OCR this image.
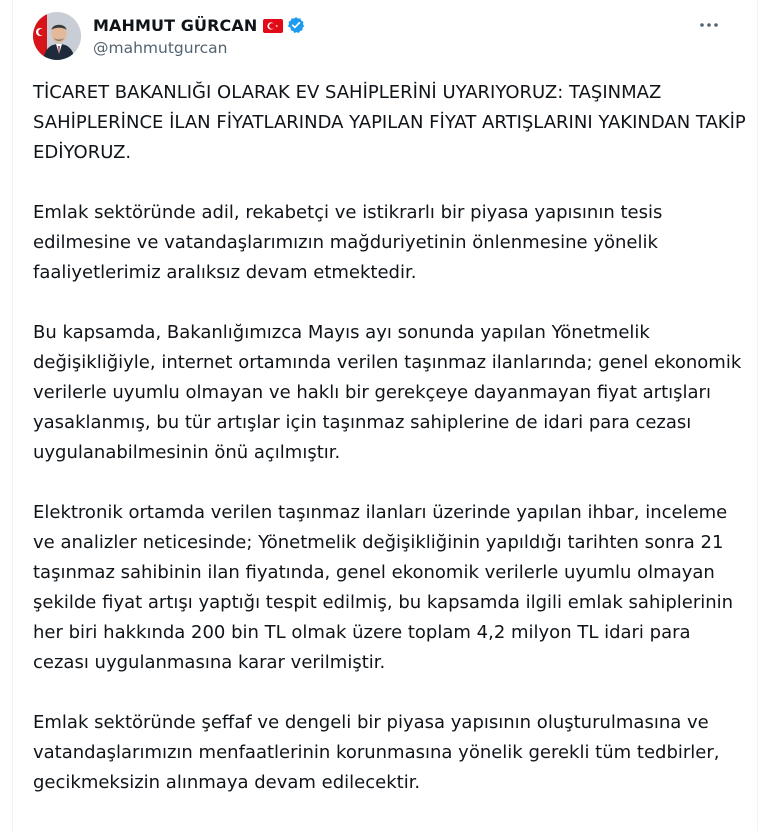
MAHMUT GÜRCAN
@mahmutgurcan

TİCARET BAKANLIĞI OLARAK EV SAHİPLERİNİ UYARIYORUZ: TAŞINMAZ SAHİPLERİNCE İLAN FİYATLARINDA YAPILAN FİYAT ARTIŞLARINI YAKINDAN TAKİP EDİYORUZ.

Emlak sektöründe adil, rekabetçi ve istikrarlı bir piyasa yapısının tesis edilmesine ve vatandaşlarımızın mağduriyetinin önlenmesine yönelik faaliyetlerimiz aralıksız devam etmektedir.

Bu kapsamda, Bakanlığımızca Mayıs ayı sonunda yapılan Yönetmelik değişikliğiyle, internet ortamında verilen taşınmaz ilanlarında; genel ekonomik verilerle uyumlu olmayan ve haklı bir gerekçeye dayanmayan fiyat artışları yasaklanmış, bu tür artışlar için taşınmaz sahiplerine de idari para cezası uygulanabilmesinin önü açılmıştır.

Elektronik ortamda verilen taşınmaz ilanları üzerinde yapılan ihbar, inceleme ve analizler neticesinde; Yönetmelik değişikliğinin yapıldığı tarihten sonra 21 taşınmaz sahibinin ilan fiyatında, genel ekonomik verilerle uyumlu olmayan şekilde fiyat artışı yaptığı tespit edilmiş, bu kapsamda ilgili emlak sahiplerinin her biri hakkında 200 bin TL olmak üzere toplam 4,2 milyon TL idari para cezası uygulanmasına karar verilmiştir.

Emlak sektöründe şeffaf ve dengeli bir piyasa yapısının oluşturulmasına ve vatandaşlarımızın menfaatlerinin korunmasına yönelik gerekli tüm tedbirler, gecikmeksizin alınmaya devam edilecektir.
